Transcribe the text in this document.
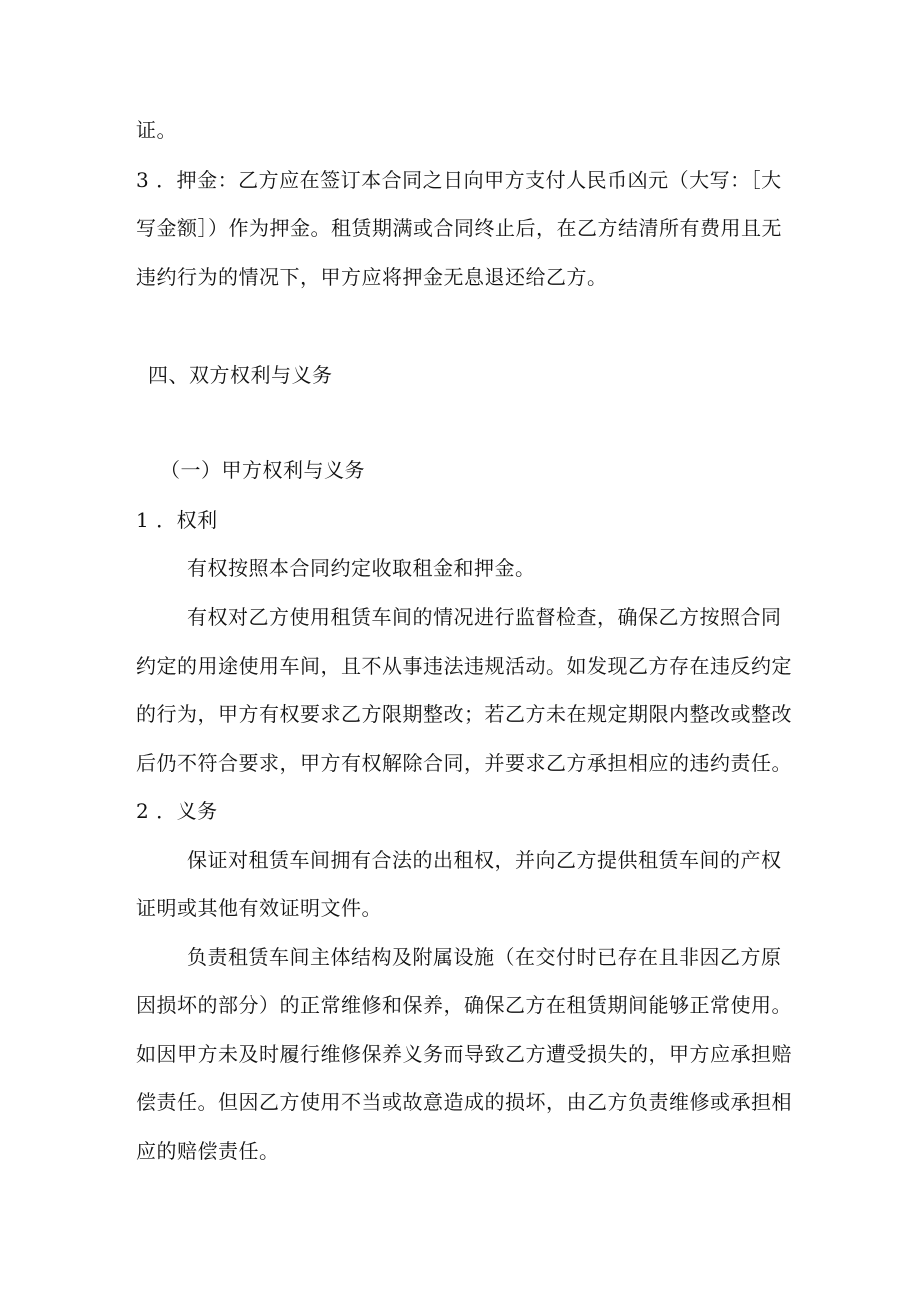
证。
3 ．押金：乙方应在签订本合同之日向甲方支付人民币凶元（大写：［大
写金额］）作为押金。租赁期满或合同终止后，在乙方结清所有费用且无
违约行为的情况下，甲方应将押金无息退还给乙方。
四、双方权利与义务
（一）甲方权利与义务
1 ．权利
有权按照本合同约定收取租金和押金。
有权对乙方使用租赁车间的情况进行监督检查，确保乙方按照合同
约定的用途使用车间，且不从事违法违规活动。如发现乙方存在违反约定
的行为，甲方有权要求乙方限期整改；若乙方未在规定期限内整改或整改
后仍不符合要求，甲方有权解除合同，并要求乙方承担相应的违约责任。
2 ．义务
保证对租赁车间拥有合法的出租权，并向乙方提供租赁车间的产权
证明或其他有效证明文件。
负责租赁车间主体结构及附属设施（在交付时已存在且非因乙方原
因损坏的部分）的正常维修和保养，确保乙方在租赁期间能够正常使用。
如因甲方未及时履行维修保养义务而导致乙方遭受损失的，甲方应承担赔
偿责任。但因乙方使用不当或故意造成的损坏，由乙方负责维修或承担相
应的赔偿责任。
